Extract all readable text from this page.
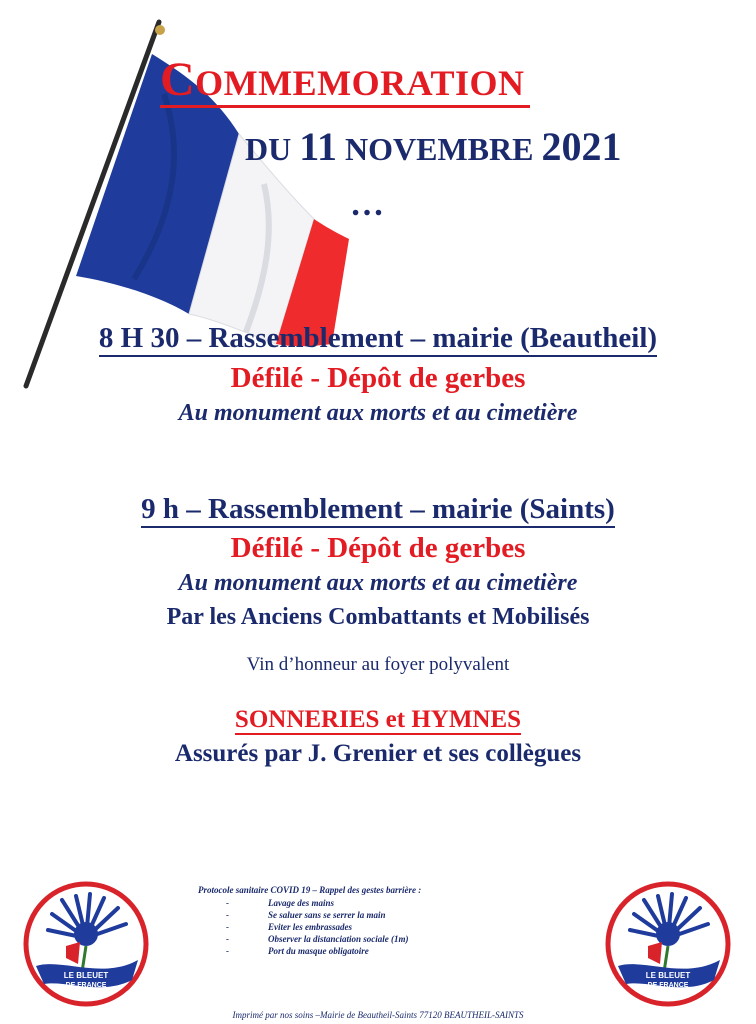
COMMEMORATION
DU 11 NOVEMBRE 2021
…
8 H 30 – Rassemblement – mairie (Beautheil)
Défilé - Dépôt de gerbes
Au monument aux morts et au cimetière
9 h – Rassemblement – mairie (Saints)
Défilé - Dépôt de gerbes
Au monument aux morts et au cimetière
Par les Anciens Combattants et Mobilisés
Vin d’honneur au foyer polyvalent
SONNERIES et HYMNES
Assurés par J. Grenier et ses collègues
LE BLEUET
DE FRANCE
LE BLEUET
DE FRANCE
Protocole sanitaire COVID 19 – Rappel des gestes barrière :
-	Lavage des mains
-	Se saluer sans se serrer la main
-	Eviter les embrassades
-	Observer la distanciation sociale (1m)
-	Port du masque obligatoire
Imprimé par nos soins –Mairie de Beautheil-Saints 77120 BEAUTHEIL-SAINTS
